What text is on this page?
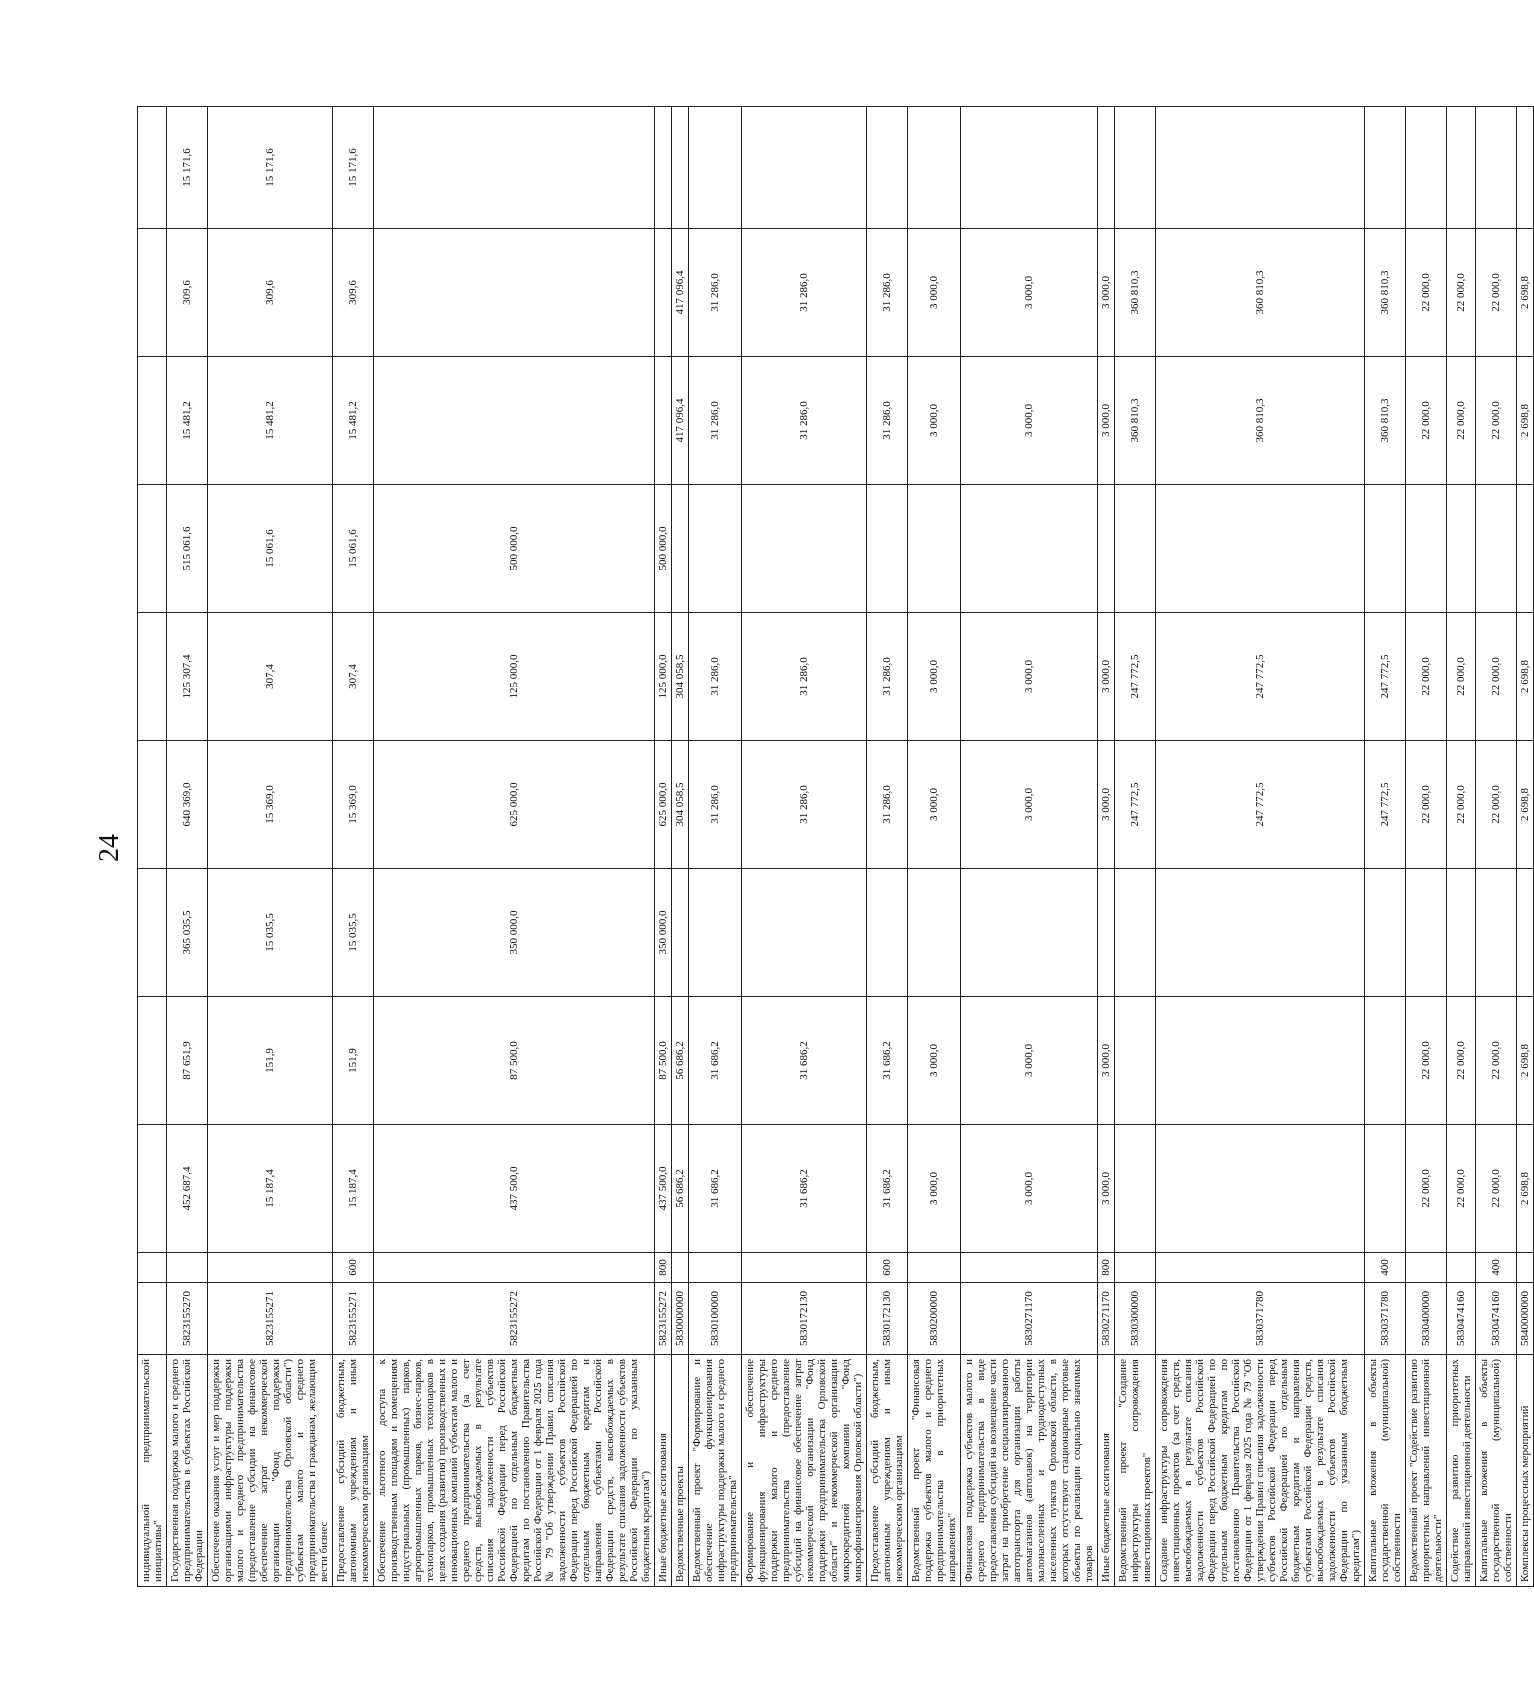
24
индивидуальной предпринимательской инициативы"											
Государственная поддержка малого и среднего предпринимательства в субъектах Российской Федерации	5823155270		452 687,4	87 651,9	365 035,5	640 369,0	125 307,4	515 061,6	15 481,2	309,6	15 171,6
Обеспечение оказания услуг и мер поддержки организациями инфраструктуры поддержки малого и среднего предпринимательства (предоставление субсидии на финансовое обеспечение затрат некоммерческой организации "Фонд поддержки предпринимательства Орловской области") субъектам малого и среднего предпринимательства и гражданам, желающим вести бизнес	5823155271		15 187,4	151,9	15 035,5	15 369,0	307,4	15 061,6	15 481,2	309,6	15 171,6
Предоставление субсидий бюджетным, автономным учреждениям и иным некоммерческим организациям	5823155271	600	15 187,4	151,9	15 035,5	15 369,0	307,4	15 061,6	15 481,2	309,6	15 171,6
Обеспечение льготного доступа к производственным площадям и помещениям индустриальных (промышленных) парков, агропромышленных парков, бизнес-парков, технопарков, промышленных технопарков в целях создания (развития) производственных и инновационных компаний субъектам малого и среднего предпринимательства (за счет средств, высвобождаемых в результате списания задолженности субъектов Российской Федерации перед Российской Федерацией по отдельным бюджетным кредитам по постановлению Правительства Российской Федерации от 1 февраля 2025 года № 79 "Об утверждении Правил списания задолженности субъектов Российской Федерации перед Российской Федерацией по отдельным бюджетным кредитам и направления субъектами Российской Федерации средств, высвобождаемых в результате списания задолженности субъектов Российской Федерации по указанным бюджетным кредитам")	5823155272		437 500,0	87 500,0	350 000,0	625 000,0	125 000,0	500 000,0			
Иные бюджетные ассигнования	5823155272	800	437 500,0	87 500,0	350 000,0	625 000,0	125 000,0	500 000,0			
Ведомственные проекты	5830000000		56 686,2	56 686,2		304 058,5	304 058,5		417 096,4	417 096,4	
Ведомственный проект "Формирование и обеспечение функционирования инфраструктуры поддержки малого и среднего предпринимательства"	5830100000		31 686,2	31 686,2		31 286,0	31 286,0		31 286,0	31 286,0	
Формирование и обеспечение функционирования инфраструктуры поддержки малого и среднего предпринимательства (предоставление субсидий на финансовое обеспечение затрат некоммерческой организации "Фонд поддержки предпринимательства Орловской области" и некоммерческой организации микрокредитной компании "Фонд микрофинансирования Орловской области")	5830172130		31 686,2	31 686,2		31 286,0	31 286,0		31 286,0	31 286,0	
Предоставление субсидий бюджетным, автономным учреждениям и иным некоммерческим организациям	5830172130	600	31 686,2	31 686,2		31 286,0	31 286,0		31 286,0	31 286,0	
Ведомственный проект "Финансовая поддержка субъектов малого и среднего предпринимательства в приоритетных направлениях"	5830200000		3 000,0	3 000,0		3 000,0	3 000,0		3 000,0	3 000,0	
Финансовая поддержка субъектов малого и среднего предпринимательства в виде предоставления субсидий на возмещение части затрат на приобретение специализированного автотранспорта для организации работы автомагазинов (автолавок) на территории малонаселенных и труднодоступных населенных пунктов Орловской области, в которых отсутствуют стационарные торговые объекты по реализации социально значимых товаров	5830271170		3 000,0	3 000,0		3 000,0	3 000,0		3 000,0	3 000,0	
Иные бюджетные ассигнования	5830271170	800	3 000,0	3 000,0		3 000,0	3 000,0		3 000,0	3 000,0	
Ведомственный проект "Создание инфраструктуры сопровождения инвестиционных проектов"	5830300000					247 772,5	247 772,5		360 810,3	360 810,3	
Создание инфраструктуры сопровождения инвестиционных проектов (за счет средств, высвобождаемых в результате списания задолженности субъектов Российской Федерации перед Российской Федерацией по отдельным бюджетным кредитам по постановлению Правительства Российской Федерации от 1 февраля 2025 года № 79 "Об утверждении Правил списания задолженности субъектов Российской Федерации перед Российской Федерацией по отдельным бюджетным кредитам и направления субъектами Российской Федерации средств, высвобождаемых в результате списания задолженности субъектов Российской Федерации по указанным бюджетным кредитам")	5830371780					247 772,5	247 772,5		360 810,3	360 810,3	
Капитальные вложения в объекты государственной (муниципальной) собственности	5830371780	400				247 772,5	247 772,5		360 810,3	360 810,3	
Ведомственный проект "Содействие развитию приоритетных направлений инвестиционной деятельности"	5830400000		22 000,0	22 000,0		22 000,0	22 000,0		22 000,0	22 000,0	
Содействие развитию приоритетных направлений инвестиционной деятельности	5830474160		22 000,0	22 000,0		22 000,0	22 000,0		22 000,0	22 000,0	
Капитальные вложения в объекты государственной (муниципальной) собственности	5830474160	400	22 000,0	22 000,0		22 000,0	22 000,0		22 000,0	22 000,0	
Комплексы процессных мероприятий	5840000000		2 698,8	2 698,8		2 698,8	2 698,8		2 698,8	2 698,8	
